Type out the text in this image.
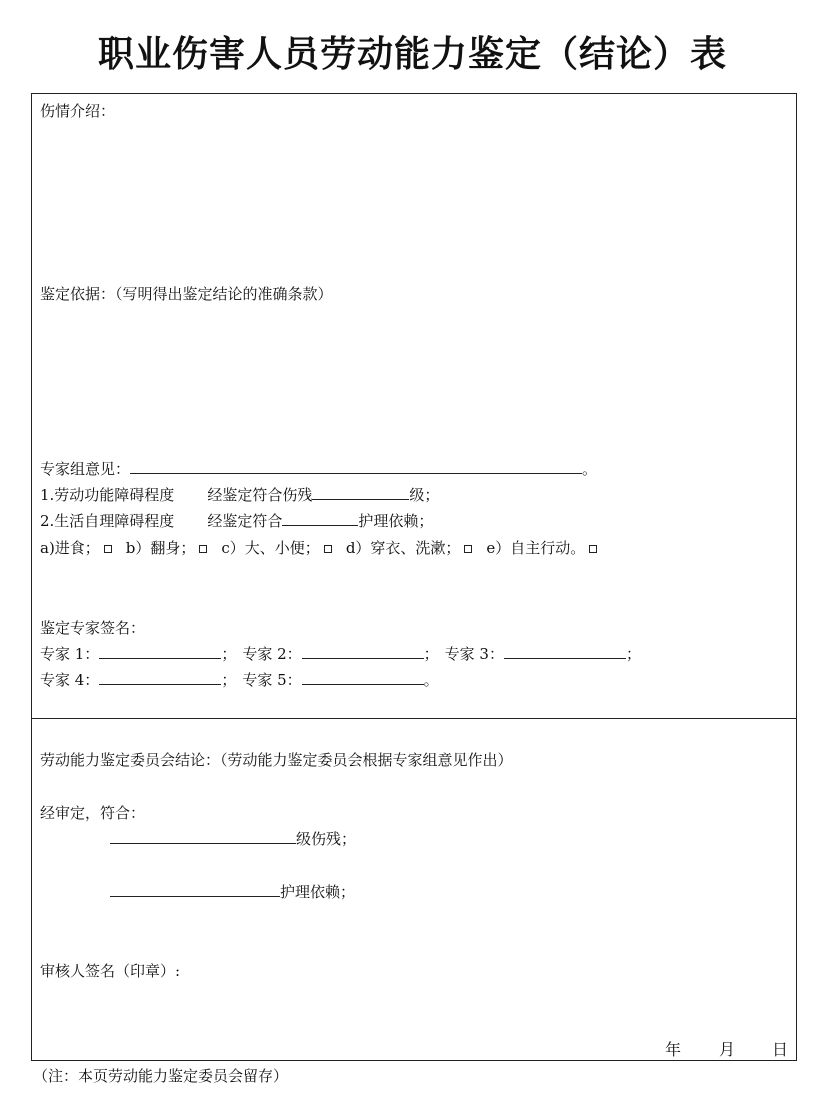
职业伤害人员劳动能力鉴定（结论）表
伤情介绍：
鉴定依据：（写明得出鉴定结论的准确条款）
专家组意见：	。
1.劳动功能障碍程度 经鉴定符合伤残	级；
2.生活自理障碍程度 经鉴定符合	护理依赖；
a)进食； b）翻身； c）大、小便； d）穿衣、洗漱； e）自主行动。
鉴定专家签名：
专家 1：	； 专家 2：	； 专家 3：	；
专家 4：	； 专家 5：	。
劳动能力鉴定委员会结论：（劳动能力鉴定委员会根据专家组意见作出）
经审定，符合：
级伤残；
护理依赖；
审核人签名（印章）:
年 月 日
（注：本页劳动能力鉴定委员会留存）
